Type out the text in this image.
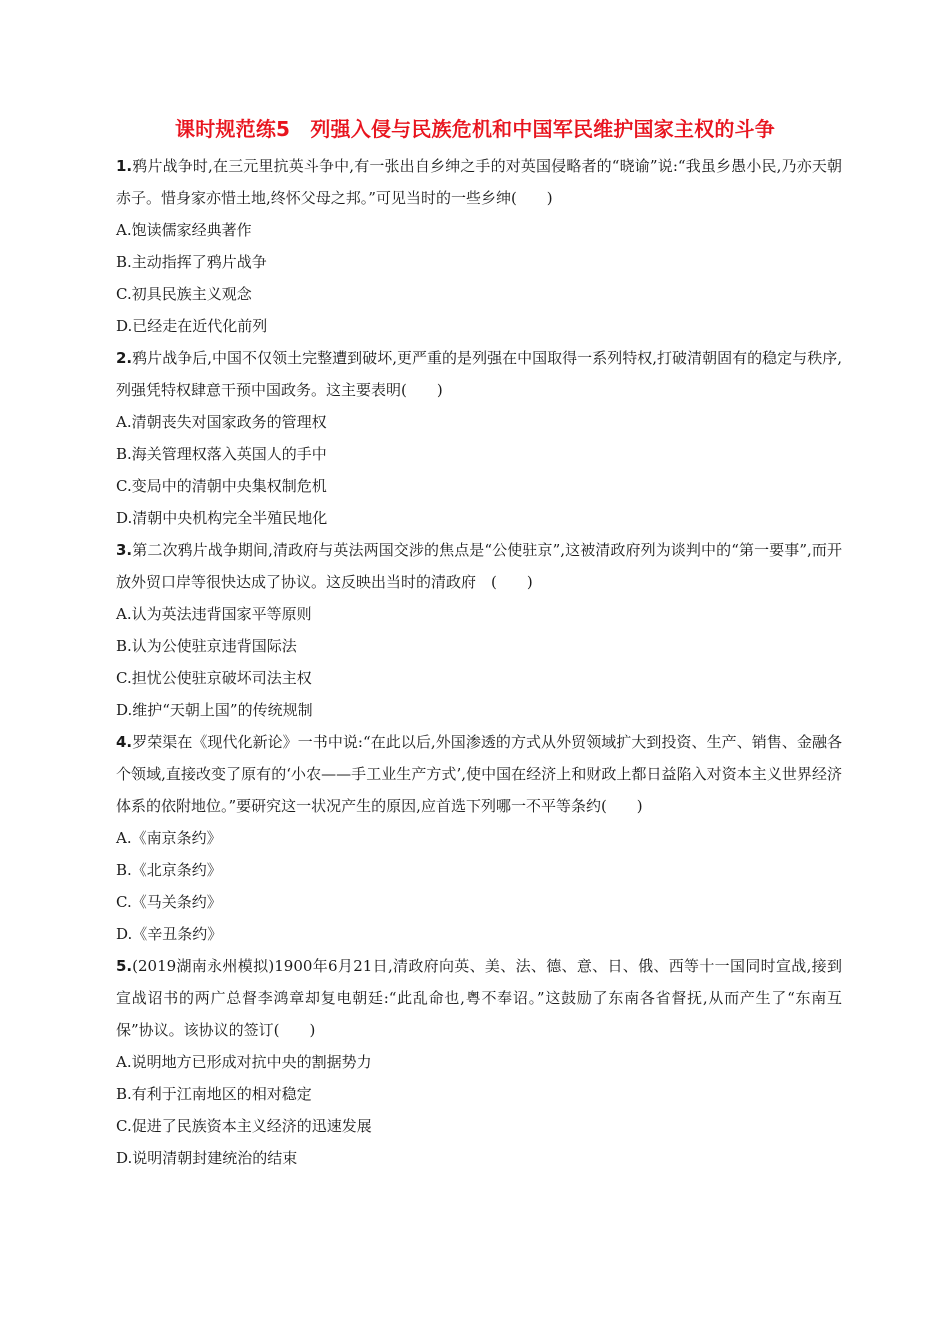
课时规范练5　列强入侵与民族危机和中国军民维护国家主权的斗争

1.鸦片战争时,在三元里抗英斗争中,有一张出自乡绅之手的对英国侵略者的“晓谕”说:“我虽乡愚小民,乃亦天朝赤子。惜身家亦惜土地,终怀父母之邦。”可见当时的一些乡绅(　　)

A.饱读儒家经典著作

B.主动指挥了鸦片战争

C.初具民族主义观念

D.已经走在近代化前列

2.鸦片战争后,中国不仅领土完整遭到破坏,更严重的是列强在中国取得一系列特权,打破清朝固有的稳定与秩序,列强凭特权肆意干预中国政务。这主要表明(　　)

A.清朝丧失对国家政务的管理权

B.海关管理权落入英国人的手中

C.变局中的清朝中央集权制危机

D.清朝中央机构完全半殖民地化

3.第二次鸦片战争期间,清政府与英法两国交涉的焦点是“公使驻京”,这被清政府列为谈判中的“第一要事”,而开放外贸口岸等很快达成了协议。这反映出当时的清政府　(　　)

A.认为英法违背国家平等原则

B.认为公使驻京违背国际法

C.担忧公使驻京破坏司法主权

D.维护“天朝上国”的传统规制

4.罗荣渠在《现代化新论》一书中说:“在此以后,外国渗透的方式从外贸领域扩大到投资、生产、销售、金融各个领域,直接改变了原有的‘小农——手工业生产方式’,使中国在经济上和财政上都日益陷入对资本主义世界经济体系的依附地位。”要研究这一状况产生的原因,应首选下列哪一不平等条约(　　)

A.《南京条约》

B.《北京条约》

C.《马关条约》

D.《辛丑条约》

5.(2019湖南永州模拟)1900年6月21日,清政府向英、美、法、德、意、日、俄、西等十一国同时宣战,接到宣战诏书的两广总督李鸿章却复电朝廷:“此乱命也,粤不奉诏。”这鼓励了东南各省督抚,从而产生了“东南互保”协议。该协议的签订(　　)

A.说明地方已形成对抗中央的割据势力

B.有利于江南地区的相对稳定

C.促进了民族资本主义经济的迅速发展

D.说明清朝封建统治的结束
